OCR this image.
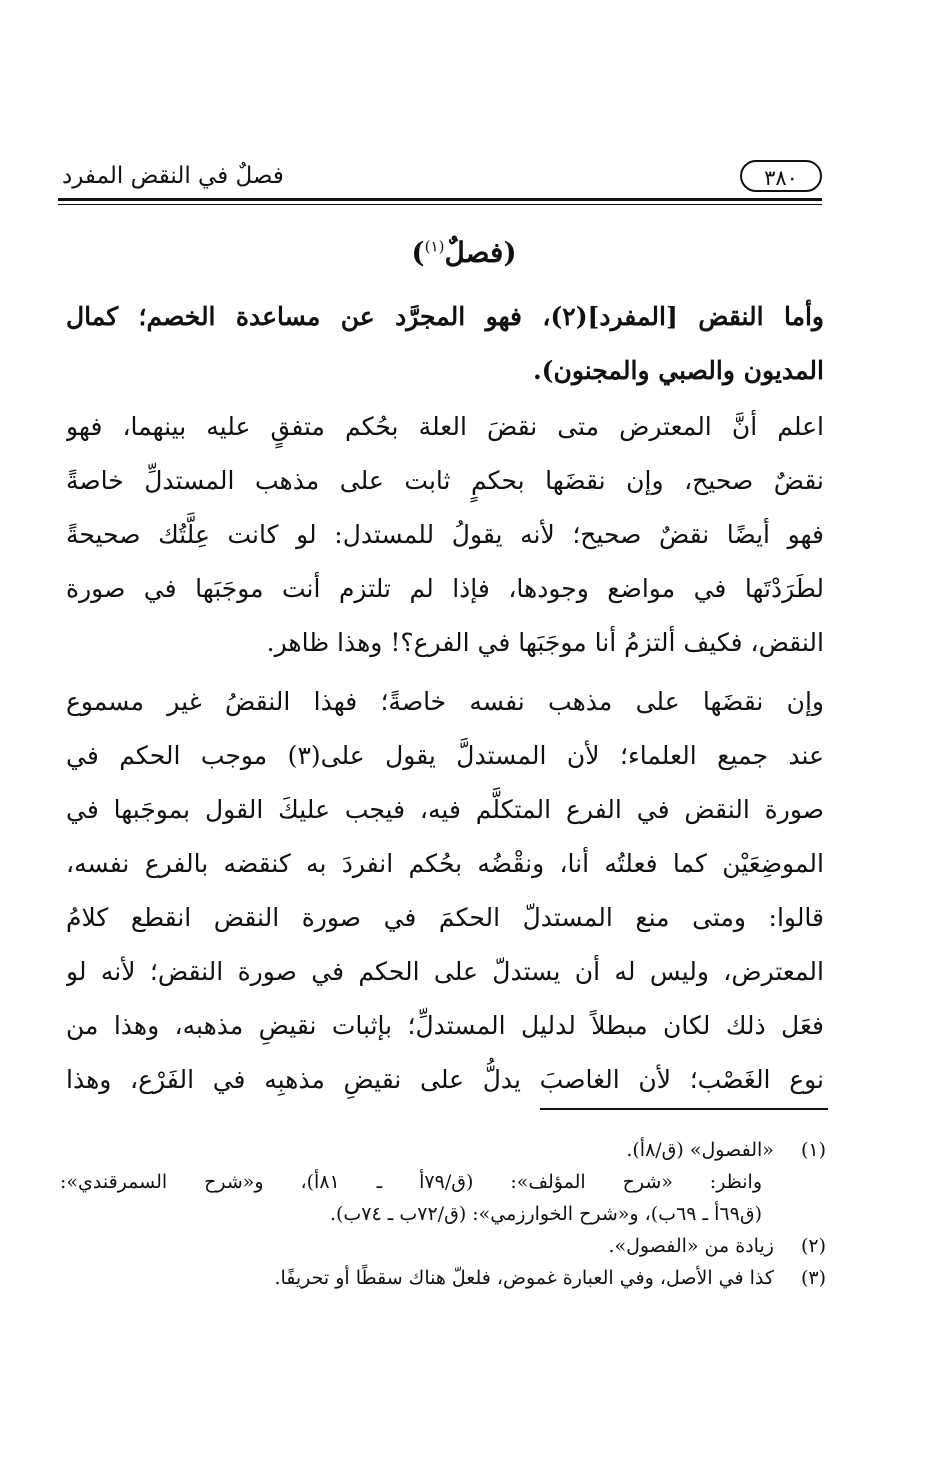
٣٨٠
فصلٌ في النقض المفرد
(فصلٌ$^{(١)}$)
وأما النقض [المفرد](٢)، فهو المجرَّد عن مساعدة الخصم؛ كمال
المديون والصبي والمجنون).
اعلم أنَّ المعترض متى نقضَ العلة بحُكم متفقٍ عليه بينهما، فهو
نقضٌ صحيح، وإن نقضَها بحكمٍ ثابت على مذهب المستدلِّ خاصةً
فهو أيضًا نقضٌ صحيح؛ لأنه يقولُ للمستدل: لو كانت عِلَّتُك صحيحةً
لطَرَدْتَها في مواضع وجودها، فإذا لم تلتزم أنت موجَبَها في صورة
النقض، فكيف ألتزمُ أنا موجَبَها في الفرع؟! وهذا ظاهر.
وإن نقضَها على مذهب نفسه خاصةً؛ فهذا النقضُ غير مسموع
عند جميع العلماء؛ لأن المستدلَّ يقول على(٣) موجب الحكم في
صورة النقض في الفرع المتكلَّم فيه، فيجب عليكَ القول بموجَبها في
الموضِعَيْن كما فعلتُه أنا، ونقْضُه بحُكم انفردَ به كنقضه بالفرع نفسه،
قالوا: ومتى منع المستدلّ الحكمَ في صورة النقض انقطع كلامُ
المعترض، وليس له أن يستدلّ على الحكم في صورة النقض؛ لأنه لو
فعَل ذلك لكان مبطلاً لدليل المستدلِّ؛ بإثبات نقيضِ مذهبه، وهذا من
نوع الغَصْب؛ لأن الغاصبَ يدلُّ على نقيضِ مذهبِه في الفَرْع، وهذا
(١)  «الفصول» (ق/٨أ).
وانظر: «شرح المؤلف»: (ق/٧٩أ ـ ٨١أ)، و«شرح السمرقندي»:
(ق٦٩أ ـ ٦٩ب)، و«شرح الخوارزمي»: (ق/٧٢ب ـ ٧٤ب).
(٢)  زيادة من «الفصول».
(٣)  كذا في الأصل، وفي العبارة غموض، فلعلّ هناك سقطًا أو تحريفًا.
